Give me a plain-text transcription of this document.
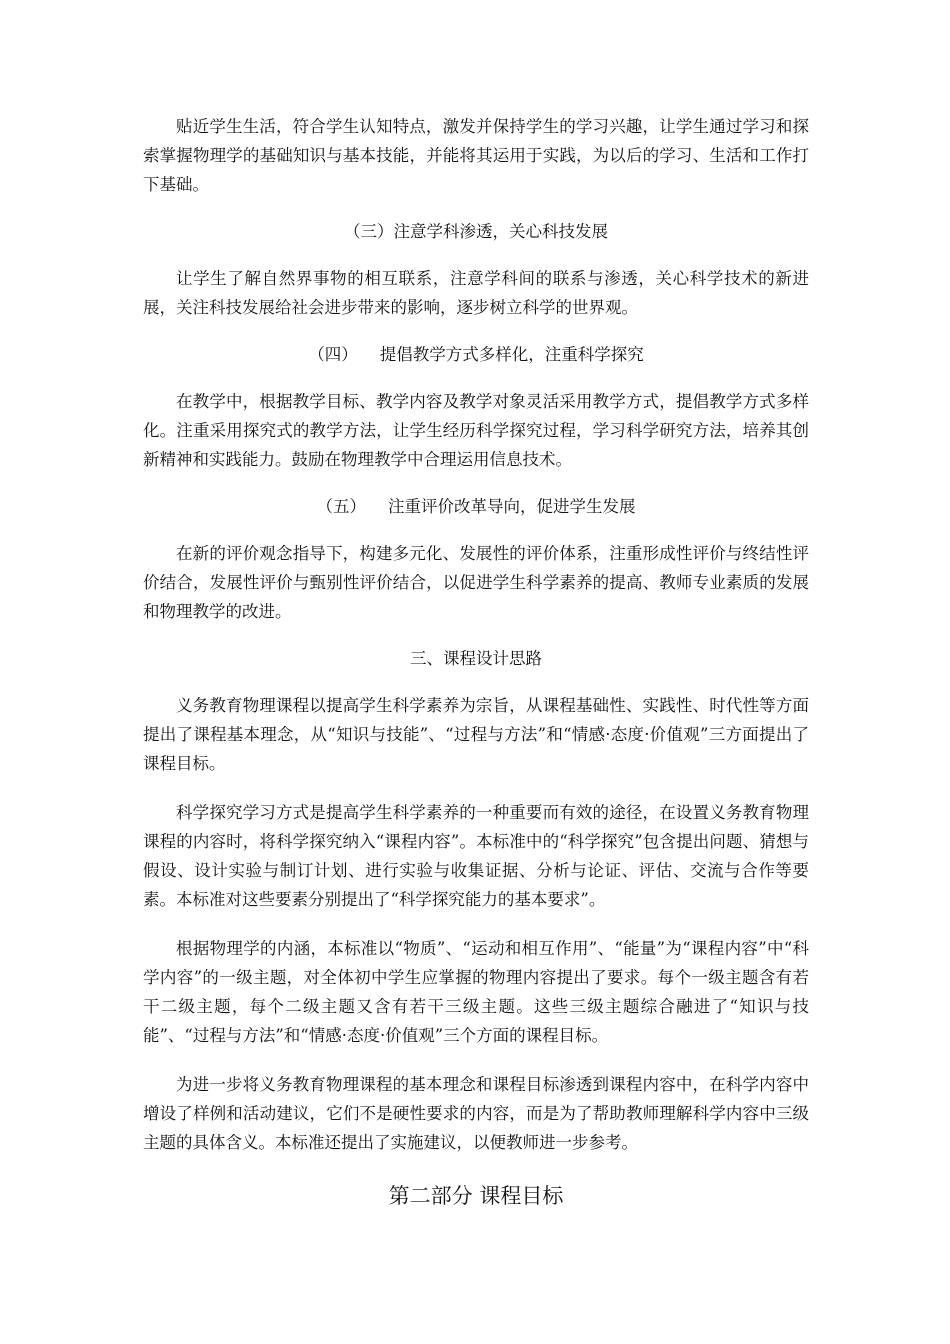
贴近学生生活，符合学生认知特点，激发并保持学生的学习兴趣，让学生通过学习和探索掌握物理学的基础知识与基本技能，并能将其运用于实践，为以后的学习、生活和工作打下基础。

（三）注意学科渗透，关心科技发展

让学生了解自然界事物的相互联系，注意学科间的联系与渗透，关心科学技术的新进展，关注科技发展给社会进步带来的影响，逐步树立科学的世界观。

（四） 提倡教学方式多样化，注重科学探究

在教学中，根据教学目标、教学内容及教学对象灵活采用教学方式，提倡教学方式多样化。注重采用探究式的教学方法，让学生经历科学探究过程，学习科学研究方法，培养其创新精神和实践能力。鼓励在物理教学中合理运用信息技术。

（五） 注重评价改革导向，促进学生发展

在新的评价观念指导下，构建多元化、发展性的评价体系，注重形成性评价与终结性评价结合，发展性评价与甄别性评价结合，以促进学生科学素养的提高、教师专业素质的发展和物理教学的改进。

三、课程设计思路

义务教育物理课程以提高学生科学素养为宗旨，从课程基础性、实践性、时代性等方面提出了课程基本理念，从“知识与技能”、“过程与方法”和“情感·态度·价值观”三方面提出了课程目标。

科学探究学习方式是提高学生科学素养的一种重要而有效的途径，在设置义务教育物理课程的内容时，将科学探究纳入“课程内容”。本标准中的“科学探究”包含提出问题、猜想与假设、设计实验与制订计划、进行实验与收集证据、分析与论证、评估、交流与合作等要素。本标准对这些要素分别提出了“科学探究能力的基本要求”。

根据物理学的内涵，本标准以“物质”、“运动和相互作用”、“能量”为“课程内容”中“科学内容”的一级主题，对全体初中学生应掌握的物理内容提出了要求。每个一级主题含有若干二级主题，每个二级主题又含有若干三级主题。这些三级主题综合融进了“知识与技能”、“过程与方法”和“情感·态度·价值观”三个方面的课程目标。

为进一步将义务教育物理课程的基本理念和课程目标渗透到课程内容中，在科学内容中增设了样例和活动建议，它们不是硬性要求的内容，而是为了帮助教师理解科学内容中三级主题的具体含义。本标准还提出了实施建议，以便教师进一步参考。

第二部分 课程目标
